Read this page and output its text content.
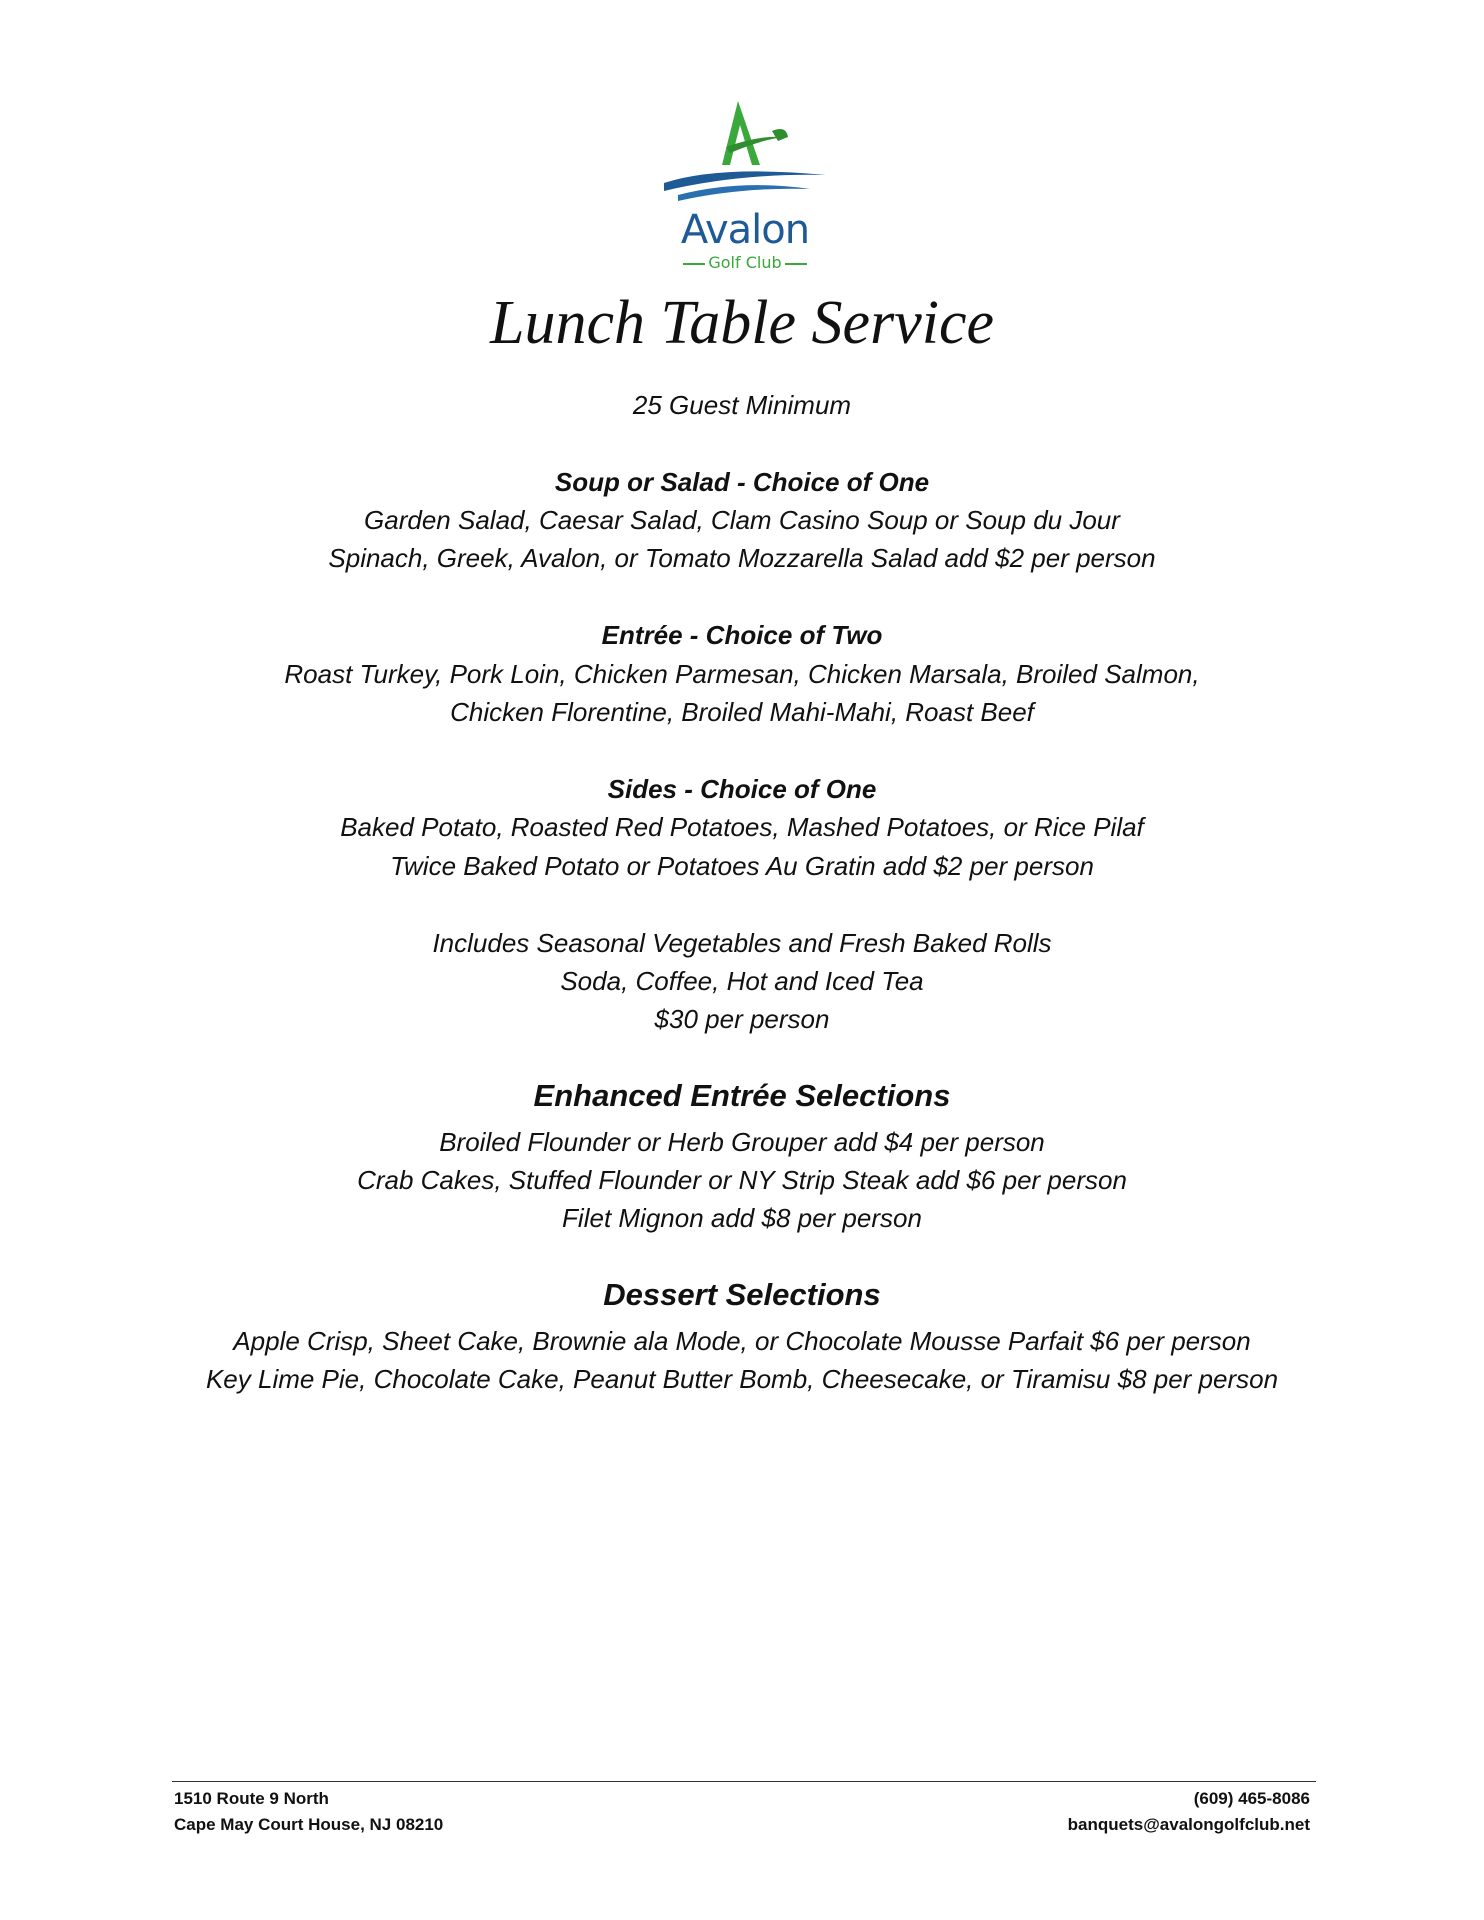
Avalon
Golf Club
Lunch Table Service
25 Guest Minimum
Soup or Salad - Choice of One
Garden Salad, Caesar Salad, Clam Casino Soup or Soup du Jour
Spinach, Greek, Avalon, or Tomato Mozzarella Salad add $2 per person
Entrée - Choice of Two
Roast Turkey, Pork Loin, Chicken Parmesan, Chicken Marsala, Broiled Salmon,
Chicken Florentine, Broiled Mahi-Mahi, Roast Beef
Sides - Choice of One
Baked Potato, Roasted Red Potatoes, Mashed Potatoes, or Rice Pilaf
Twice Baked Potato or Potatoes Au Gratin add $2 per person
Includes Seasonal Vegetables and Fresh Baked Rolls
Soda, Coffee, Hot and Iced Tea
$30 per person
Enhanced Entrée Selections
Broiled Flounder or Herb Grouper add $4 per person
Crab Cakes, Stuffed Flounder or NY Strip Steak add $6 per person
Filet Mignon add $8 per person
Dessert Selections
Apple Crisp, Sheet Cake, Brownie ala Mode, or Chocolate Mousse Parfait $6 per person
Key Lime Pie, Chocolate Cake, Peanut Butter Bomb, Cheesecake, or Tiramisu $8 per person
1510 Route 9 North
Cape May Court House, NJ 08210
(609) 465-8086
banquets@avalongolfclub.net
